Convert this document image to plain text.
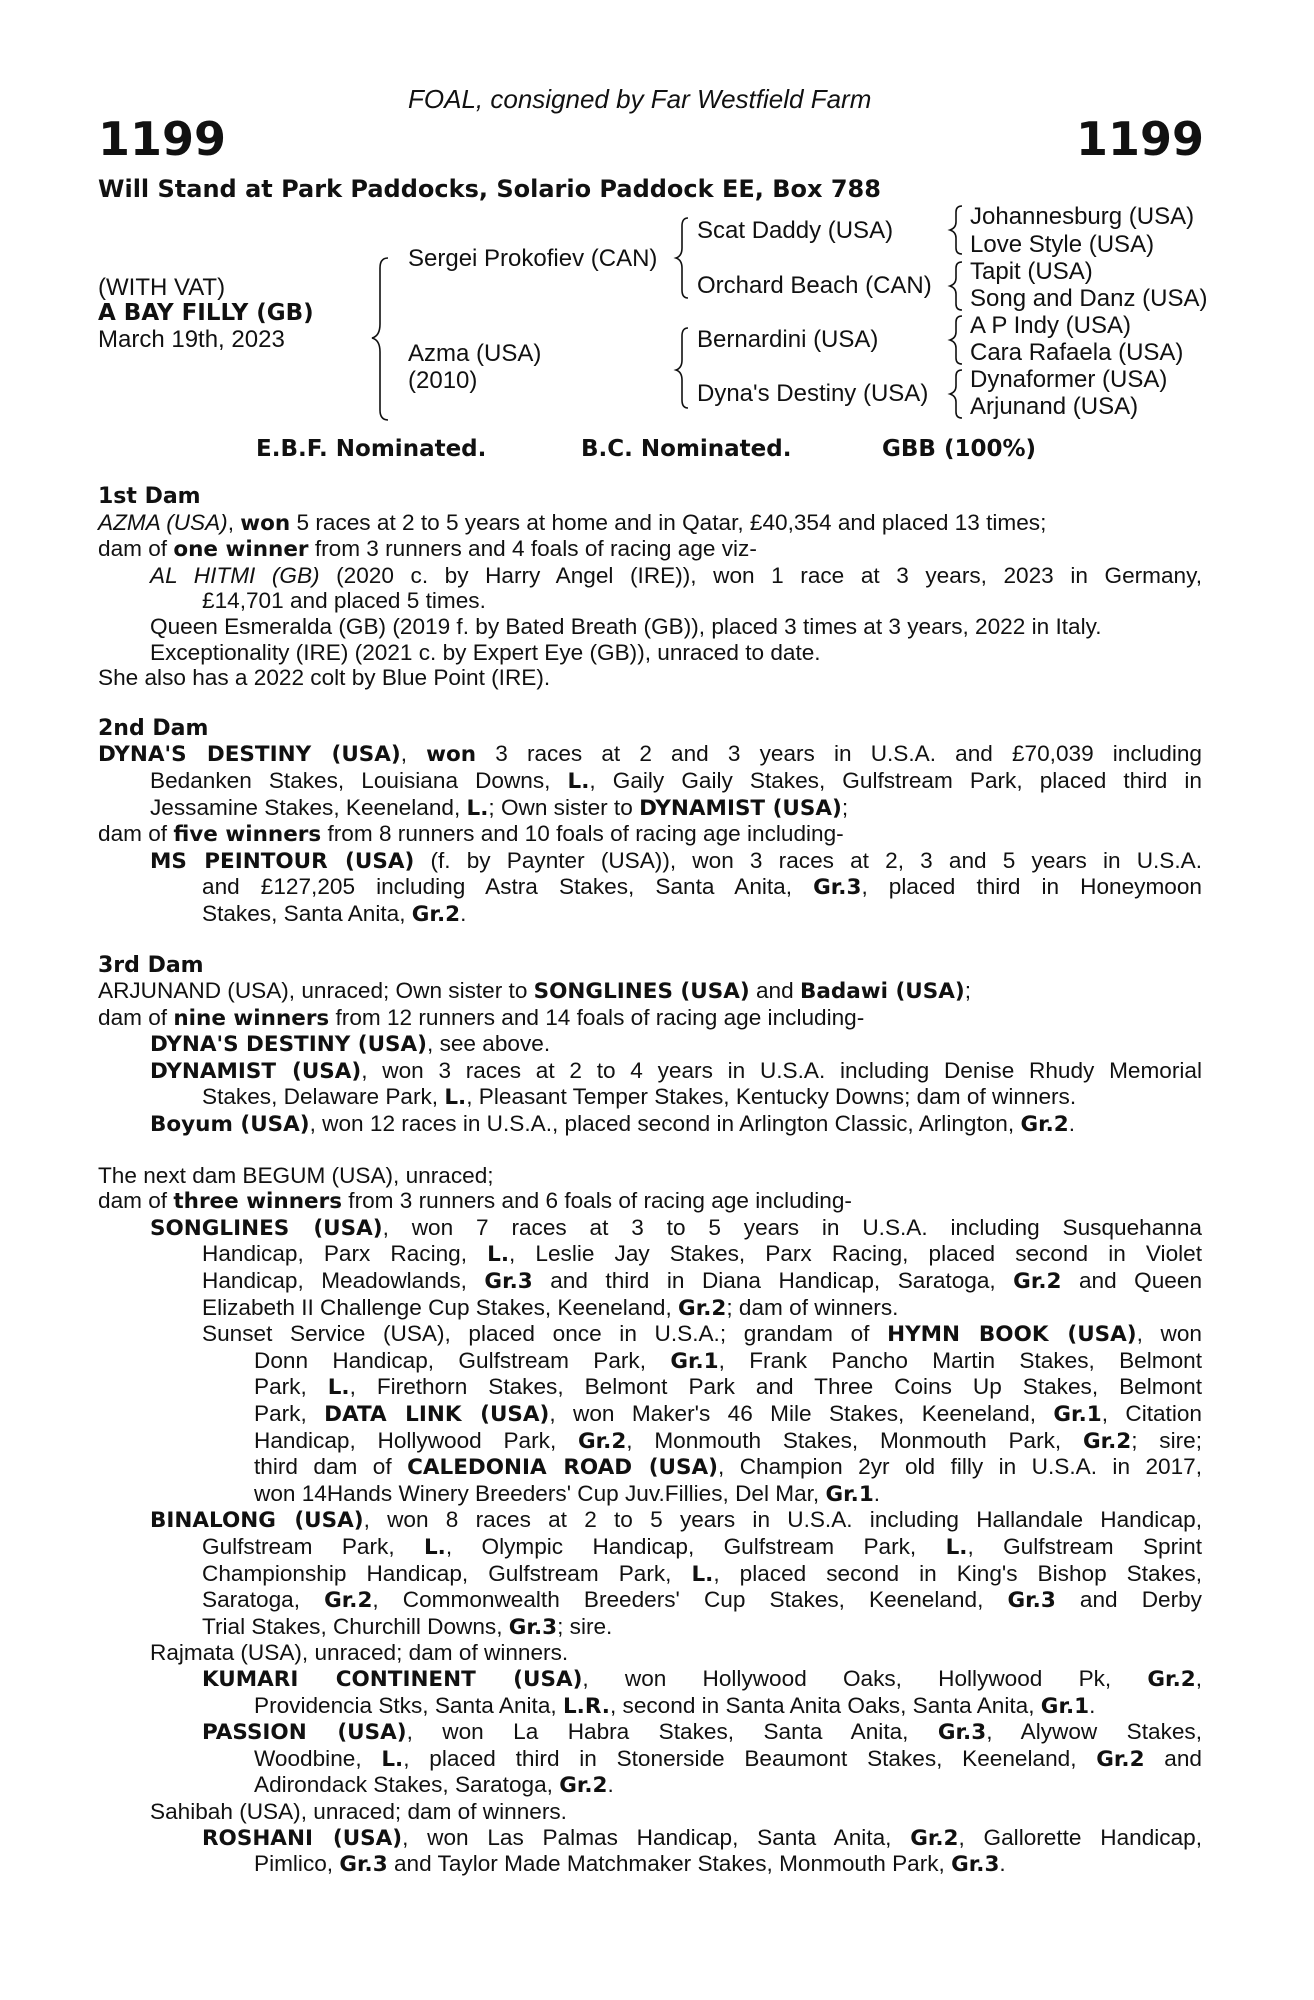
FOAL, consigned by Far Westfield Farm
1199	1199
Will Stand at Park Paddocks, Solario Paddock EE, Box 788
(WITH VAT)
A BAY FILLY (GB)
March 19th, 2023
Sergei Prokofiev (CAN)
Azma (USA)
(2010)
Scat Daddy (USA)
Orchard Beach (CAN)
Bernardini (USA)
Dyna's Destiny (USA)
Johannesburg (USA)
Love Style (USA)
Tapit (USA)
Song and Danz (USA)
A P Indy (USA)
Cara Rafaela (USA)
Dynaformer (USA)
Arjunand (USA)
E.B.F. Nominated.	B.C. Nominated.	GBB (100%)
1st Dam
AZMA (USA), won 5 races at 2 to 5 years at home and in Qatar, £40,354 and placed 13 times;
dam of one winner from 3 runners and 4 foals of racing age viz-
AL HITMI (GB) (2020 c. by Harry Angel (IRE)), won 1 race at 3 years, 2023 in Germany,
£14,701 and placed 5 times.
Queen Esmeralda (GB) (2019 f. by Bated Breath (GB)), placed 3 times at 3 years, 2022 in Italy.
Exceptionality (IRE) (2021 c. by Expert Eye (GB)), unraced to date.
She also has a 2022 colt by Blue Point (IRE).
2nd Dam
DYNA'S DESTINY (USA), won 3 races at 2 and 3 years in U.S.A. and £70,039 including
Bedanken Stakes, Louisiana Downs, L., Gaily Gaily Stakes, Gulfstream Park, placed third in
Jessamine Stakes, Keeneland, L.; Own sister to DYNAMIST (USA);
dam of five winners from 8 runners and 10 foals of racing age including-
MS PEINTOUR (USA) (f. by Paynter (USA)), won 3 races at 2, 3 and 5 years in U.S.A.
and £127,205 including Astra Stakes, Santa Anita, Gr.3, placed third in Honeymoon
Stakes, Santa Anita, Gr.2.
3rd Dam
ARJUNAND (USA), unraced; Own sister to SONGLINES (USA) and Badawi (USA);
dam of nine winners from 12 runners and 14 foals of racing age including-
DYNA'S DESTINY (USA), see above.
DYNAMIST (USA), won 3 races at 2 to 4 years in U.S.A. including Denise Rhudy Memorial
Stakes, Delaware Park, L., Pleasant Temper Stakes, Kentucky Downs; dam of winners.
Boyum (USA), won 12 races in U.S.A., placed second in Arlington Classic, Arlington, Gr.2.
The next dam BEGUM (USA), unraced;
dam of three winners from 3 runners and 6 foals of racing age including-
SONGLINES (USA), won 7 races at 3 to 5 years in U.S.A. including Susquehanna
Handicap, Parx Racing, L., Leslie Jay Stakes, Parx Racing, placed second in Violet
Handicap, Meadowlands, Gr.3 and third in Diana Handicap, Saratoga, Gr.2 and Queen
Elizabeth II Challenge Cup Stakes, Keeneland, Gr.2; dam of winners.
Sunset Service (USA), placed once in U.S.A.; grandam of HYMN BOOK (USA), won
Donn Handicap, Gulfstream Park, Gr.1, Frank Pancho Martin Stakes, Belmont
Park, L., Firethorn Stakes, Belmont Park and Three Coins Up Stakes, Belmont
Park, DATA LINK (USA), won Maker's 46 Mile Stakes, Keeneland, Gr.1, Citation
Handicap, Hollywood Park, Gr.2, Monmouth Stakes, Monmouth Park, Gr.2; sire;
third dam of CALEDONIA ROAD (USA), Champion 2yr old filly in U.S.A. in 2017,
won 14Hands Winery Breeders' Cup Juv.Fillies, Del Mar, Gr.1.
BINALONG (USA), won 8 races at 2 to 5 years in U.S.A. including Hallandale Handicap,
Gulfstream Park, L., Olympic Handicap, Gulfstream Park, L., Gulfstream Sprint
Championship Handicap, Gulfstream Park, L., placed second in King's Bishop Stakes,
Saratoga, Gr.2, Commonwealth Breeders' Cup Stakes, Keeneland, Gr.3 and Derby
Trial Stakes, Churchill Downs, Gr.3; sire.
Rajmata (USA), unraced; dam of winners.
KUMARI CONTINENT (USA), won Hollywood Oaks, Hollywood Pk, Gr.2,
Providencia Stks, Santa Anita, L.R., second in Santa Anita Oaks, Santa Anita, Gr.1.
PASSION (USA), won La Habra Stakes, Santa Anita, Gr.3, Alywow Stakes,
Woodbine, L., placed third in Stonerside Beaumont Stakes, Keeneland, Gr.2 and
Adirondack Stakes, Saratoga, Gr.2.
Sahibah (USA), unraced; dam of winners.
ROSHANI (USA), won Las Palmas Handicap, Santa Anita, Gr.2, Gallorette Handicap,
Pimlico, Gr.3 and Taylor Made Matchmaker Stakes, Monmouth Park, Gr.3.
